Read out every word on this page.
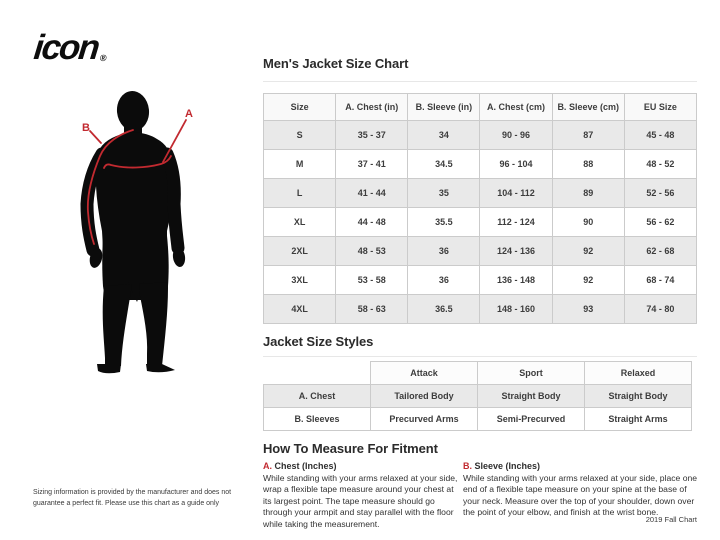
icon®
B
A
Men's Jacket Size Chart
Size	A. Chest (in)	B. Sleeve (in)	A. Chest (cm)	B. Sleeve (cm)	EU Size
S	35 - 37	34	90 - 96	87	45 - 48
M	37 - 41	34.5	96 - 104	88	48 - 52
L	41 - 44	35	104 - 112	89	52 - 56
XL	44 - 48	35.5	112 - 124	90	56 - 62
2XL	48 - 53	36	124 - 136	92	62 - 68
3XL	53 - 58	36	136 - 148	92	68 - 74
4XL	58 - 63	36.5	148 - 160	93	74 - 80
Jacket Size Styles
	Attack	Sport	Relaxed
A. Chest	Tailored Body	Straight Body	Straight Body
B. Sleeves	Precurved Arms	Semi-Precurved	Straight Arms
How To Measure For Fitment

A. Chest (Inches)

While standing with your arms relaxed at your side, wrap a flexible tape measure around your chest at its largest point. The tape measure should go through your armpit and stay parallel with the floor while taking the measurement.

B. Sleeve (Inches)

While standing with your arms relaxed at your side, place one end of a flexible tape measure on your spine at the base of your neck. Measure over the top of your shoulder, down over the point of your elbow, and finish at the wrist bone.

Sizing information is provided by the manufacturer and does not guarantee a perfect fit. Please use this chart as a guide only
2019 Fall Chart
